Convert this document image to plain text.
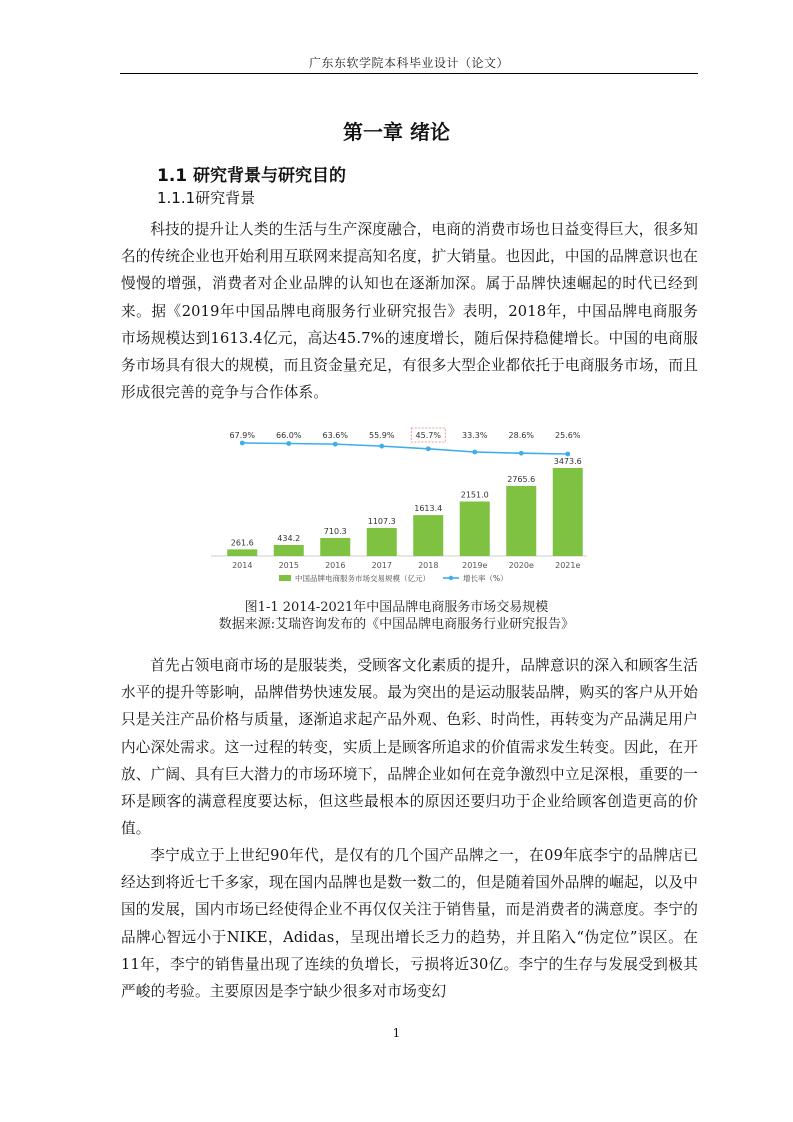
广东东软学院本科毕业设计（论文）
第一章 绪论
1.1 研究背景与研究目的
1.1.1研究背景

科技的提升让人类的生活与生产深度融合，电商的消费市场也日益变得巨大，很多知名的传统企业也开始利用互联网来提高知名度，扩大销量。也因此，中国的品牌意识也在慢慢的增强，消费者对企业品牌的认知也在逐渐加深。属于品牌快速崛起的时代已经到来。据《2019年中国品牌电商服务行业研究报告》表明，2018年，中国品牌电商服务市场规模达到1613.4亿元，高达45.7%的速度增长，随后保持稳健增长。中国的电商服务市场具有很大的规模，而且资金量充足，有很多大型企业都依托于电商服务市场，而且形成很完善的竞争与合作体系。

261.6
2014
434.2
2015
710.3
2016
1107.3
2017
1613.4
2018
2151.0
2019e
2765.6
2020e
3473.6
2021e
67.9%	66.0%	63.6%	55.9%	45.7%	33.3%	28.6%	25.6%
中国品牌电商服务市场交易规模（亿元）	增长率（%）
图1-1 2014-2021年中国品牌电商服务市场交易规模
数据来源:艾瑞咨询发布的《中国品牌电商服务行业研究报告》

首先占领电商市场的是服装类，受顾客文化素质的提升，品牌意识的深入和顾客生活水平的提升等影响，品牌借势快速发展。最为突出的是运动服装品牌，购买的客户从开始只是关注产品价格与质量，逐渐追求起产品外观、色彩、时尚性，再转变为产品满足用户内心深处需求。这一过程的转变，实质上是顾客所追求的价值需求发生转变。因此，在开放、广阔、具有巨大潜力的市场环境下，品牌企业如何在竞争激烈中立足深根，重要的一环是顾客的满意程度要达标，但这些最根本的原因还要归功于企业给顾客创造更高的价值。

李宁成立于上世纪90年代，是仅有的几个国产品牌之一，在09年底李宁的品牌店已经达到将近七千多家，现在国内品牌也是数一数二的，但是随着国外品牌的崛起，以及中国的发展，国内市场已经使得企业不再仅仅关注于销售量，而是消费者的满意度。李宁的品牌心智远小于NIKE，Adidas，呈现出增长乏力的趋势，并且陷入“伪定位”误区。在11年，李宁的销售量出现了连续的负增长，亏损将近30亿。李宁的生存与发展受到极其严峻的考验。主要原因是李宁缺少很多对市场变幻

1
